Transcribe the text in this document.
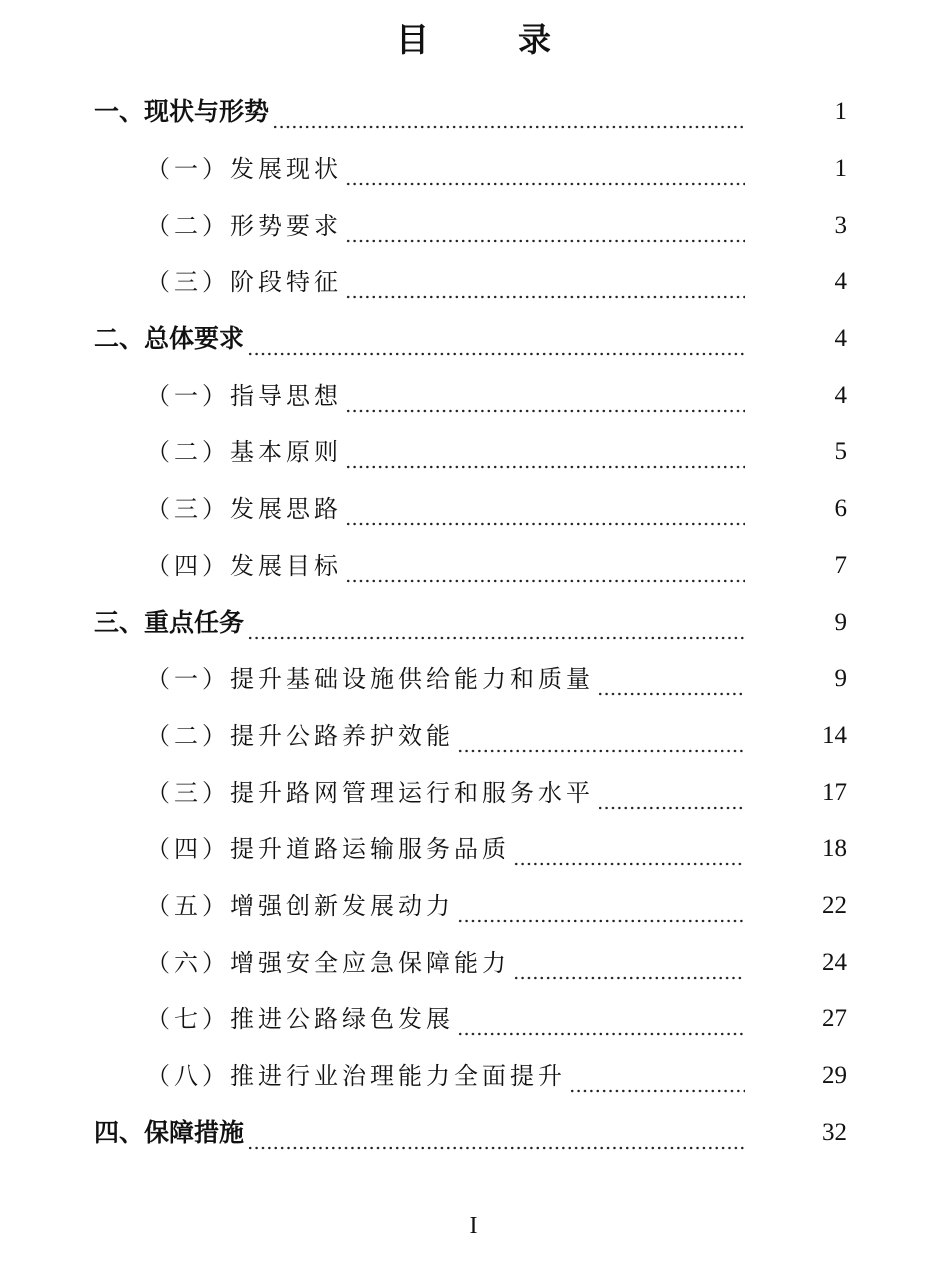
目　录
一、现状与形势	1
（一）发展现状	1
（二）形势要求	3
（三）阶段特征	4
二、总体要求	4
（一）指导思想	4
（二）基本原则	5
（三）发展思路	6
（四）发展目标	7
三、重点任务	9
（一）提升基础设施供给能力和质量	9
（二）提升公路养护效能	14
（三）提升路网管理运行和服务水平	17
（四）提升道路运输服务品质	18
（五）增强创新发展动力	22
（六）增强安全应急保障能力	24
（七）推进公路绿色发展	27
（八）推进行业治理能力全面提升	29
四、保障措施	32
I
